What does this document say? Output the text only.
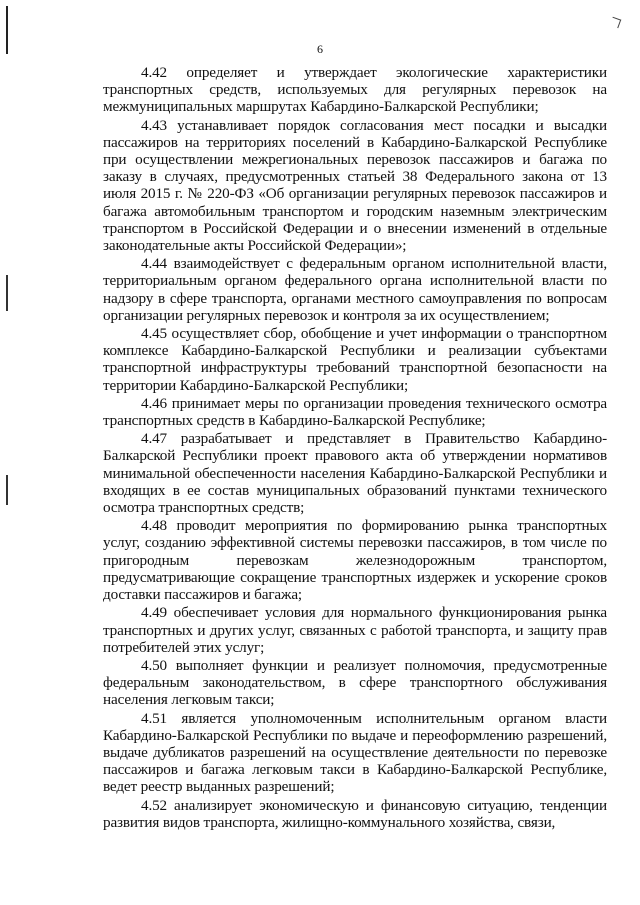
6

4.42 определяет и утверждает экологические характеристики транспортных средств, используемых для регулярных перевозок на межмуниципальных маршрутах Кабардино-Балкарской Республики;

4.43 устанавливает порядок согласования мест посадки и высадки пассажиров на территориях поселений в Кабардино-Балкарской Республике при осуществлении межрегиональных перевозок пассажиров и багажа по заказу в случаях, предусмотренных статьей 38 Федерального закона от 13 июля 2015 г. № 220-ФЗ «Об организации регулярных перевозок пассажиров и багажа автомобильным транспортом и городским наземным электрическим транспортом в Российской Федерации и о внесении изменений в отдельные законодательные акты Российской Федерации»;

4.44 взаимодействует с федеральным органом исполнительной власти, территориальным органом федерального органа исполнительной власти по надзору в сфере транспорта, органами местного самоуправления по вопросам организации регулярных перевозок и контроля за их осуществлением;

4.45 осуществляет сбор, обобщение и учет информации о транспортном комплексе Кабардино-Балкарской Республики и реализации субъектами транспортной инфраструктуры требований транспортной безопасности на территории Кабардино-Балкарской Республики;

4.46 принимает меры по организации проведения технического осмотра транспортных средств в Кабардино-Балкарской Республике;

4.47 разрабатывает и представляет в Правительство Кабардино-Балкарской Республики проект правового акта об утверждении нормативов минимальной обеспеченности населения Кабардино-Балкарской Республики и входящих в ее состав муниципальных образований пунктами технического осмотра транспортных средств;

4.48 проводит мероприятия по формированию рынка транспортных услуг, созданию эффективной системы перевозки пассажиров, в том числе по пригородным перевозкам железнодорожным транспортом, предусматривающие сокращение транспортных издержек и ускорение сроков доставки пассажиров и багажа;

4.49 обеспечивает условия для нормального функционирования рынка транспортных и других услуг, связанных с работой транспорта, и защиту прав потребителей этих услуг;

4.50 выполняет функции и реализует полномочия, предусмотренные федеральным законодательством, в сфере транспортного обслуживания населения легковым такси;

4.51 является уполномоченным исполнительным органом власти Кабардино-Балкарской Республики по выдаче и переоформлению разрешений, выдаче дубликатов разрешений на осуществление деятельности по перевозке пассажиров и багажа легковым такси в Кабардино-Балкарской Республике, ведет реестр выданных разрешений;

4.52 анализирует экономическую и финансовую ситуацию, тенденции развития видов транспорта, жилищно-коммунального хозяйства, связи,
